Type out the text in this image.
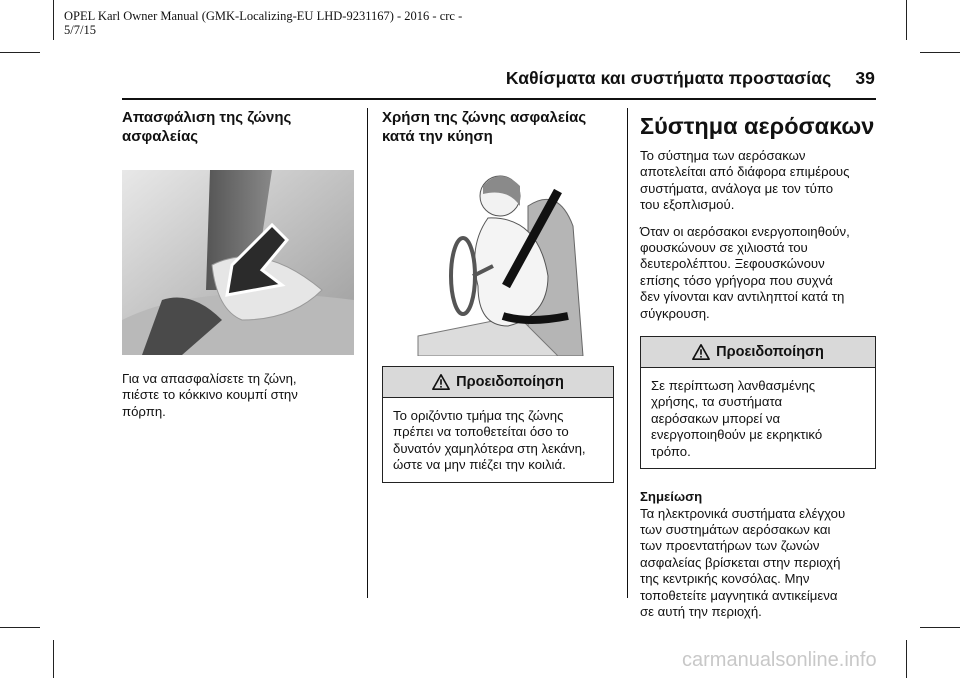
OPEL Karl Owner Manual (GMK-Localizing-EU LHD-9231167) - 2016 - crc -
5/7/15
Καθίσματα και συστήματα προστασίας 39
Απασφάλιση της ζώνης
ασφαλείας
Για να απασφαλίσετε τη ζώνη,
πιέστε το κόκκινο κουμπί στην
πόρπη.
Χρήση της ζώνης ασφαλείας
κατά την κύηση
Προειδοποίηση
Το οριζόντιο τμήμα της ζώνης
πρέπει να τοποθετείται όσο το
δυνατόν χαμηλότερα στη λεκάνη,
ώστε να μην πιέζει την κοιλιά.
Σύστημα αερόσακων
Το σύστημα των αερόσακων
αποτελείται από διάφορα επιμέρους
συστήματα, ανάλογα με τον τύπο
του εξοπλισμού.
Όταν οι αερόσακοι ενεργοποιηθούν,
φουσκώνουν σε χιλιοστά του
δευτερολέπτου. Ξεφουσκώνουν
επίσης τόσο γρήγορα που συχνά
δεν γίνονται καν αντιληπτοί κατά τη
σύγκρουση.
Προειδοποίηση
Σε περίπτωση λανθασμένης
χρήσης, τα συστήματα
αερόσακων μπορεί να
ενεργοποιηθούν με εκρηκτικό
τρόπο.
Σημείωση
Τα ηλεκτρονικά συστήματα ελέγχου
των συστημάτων αερόσακων και
των προεντατήρων των ζωνών
ασφαλείας βρίσκεται στην περιοχή
της κεντρικής κονσόλας. Μην
τοποθετείτε μαγνητικά αντικείμενα
σε αυτή την περιοχή.
carmanualsonline.info
